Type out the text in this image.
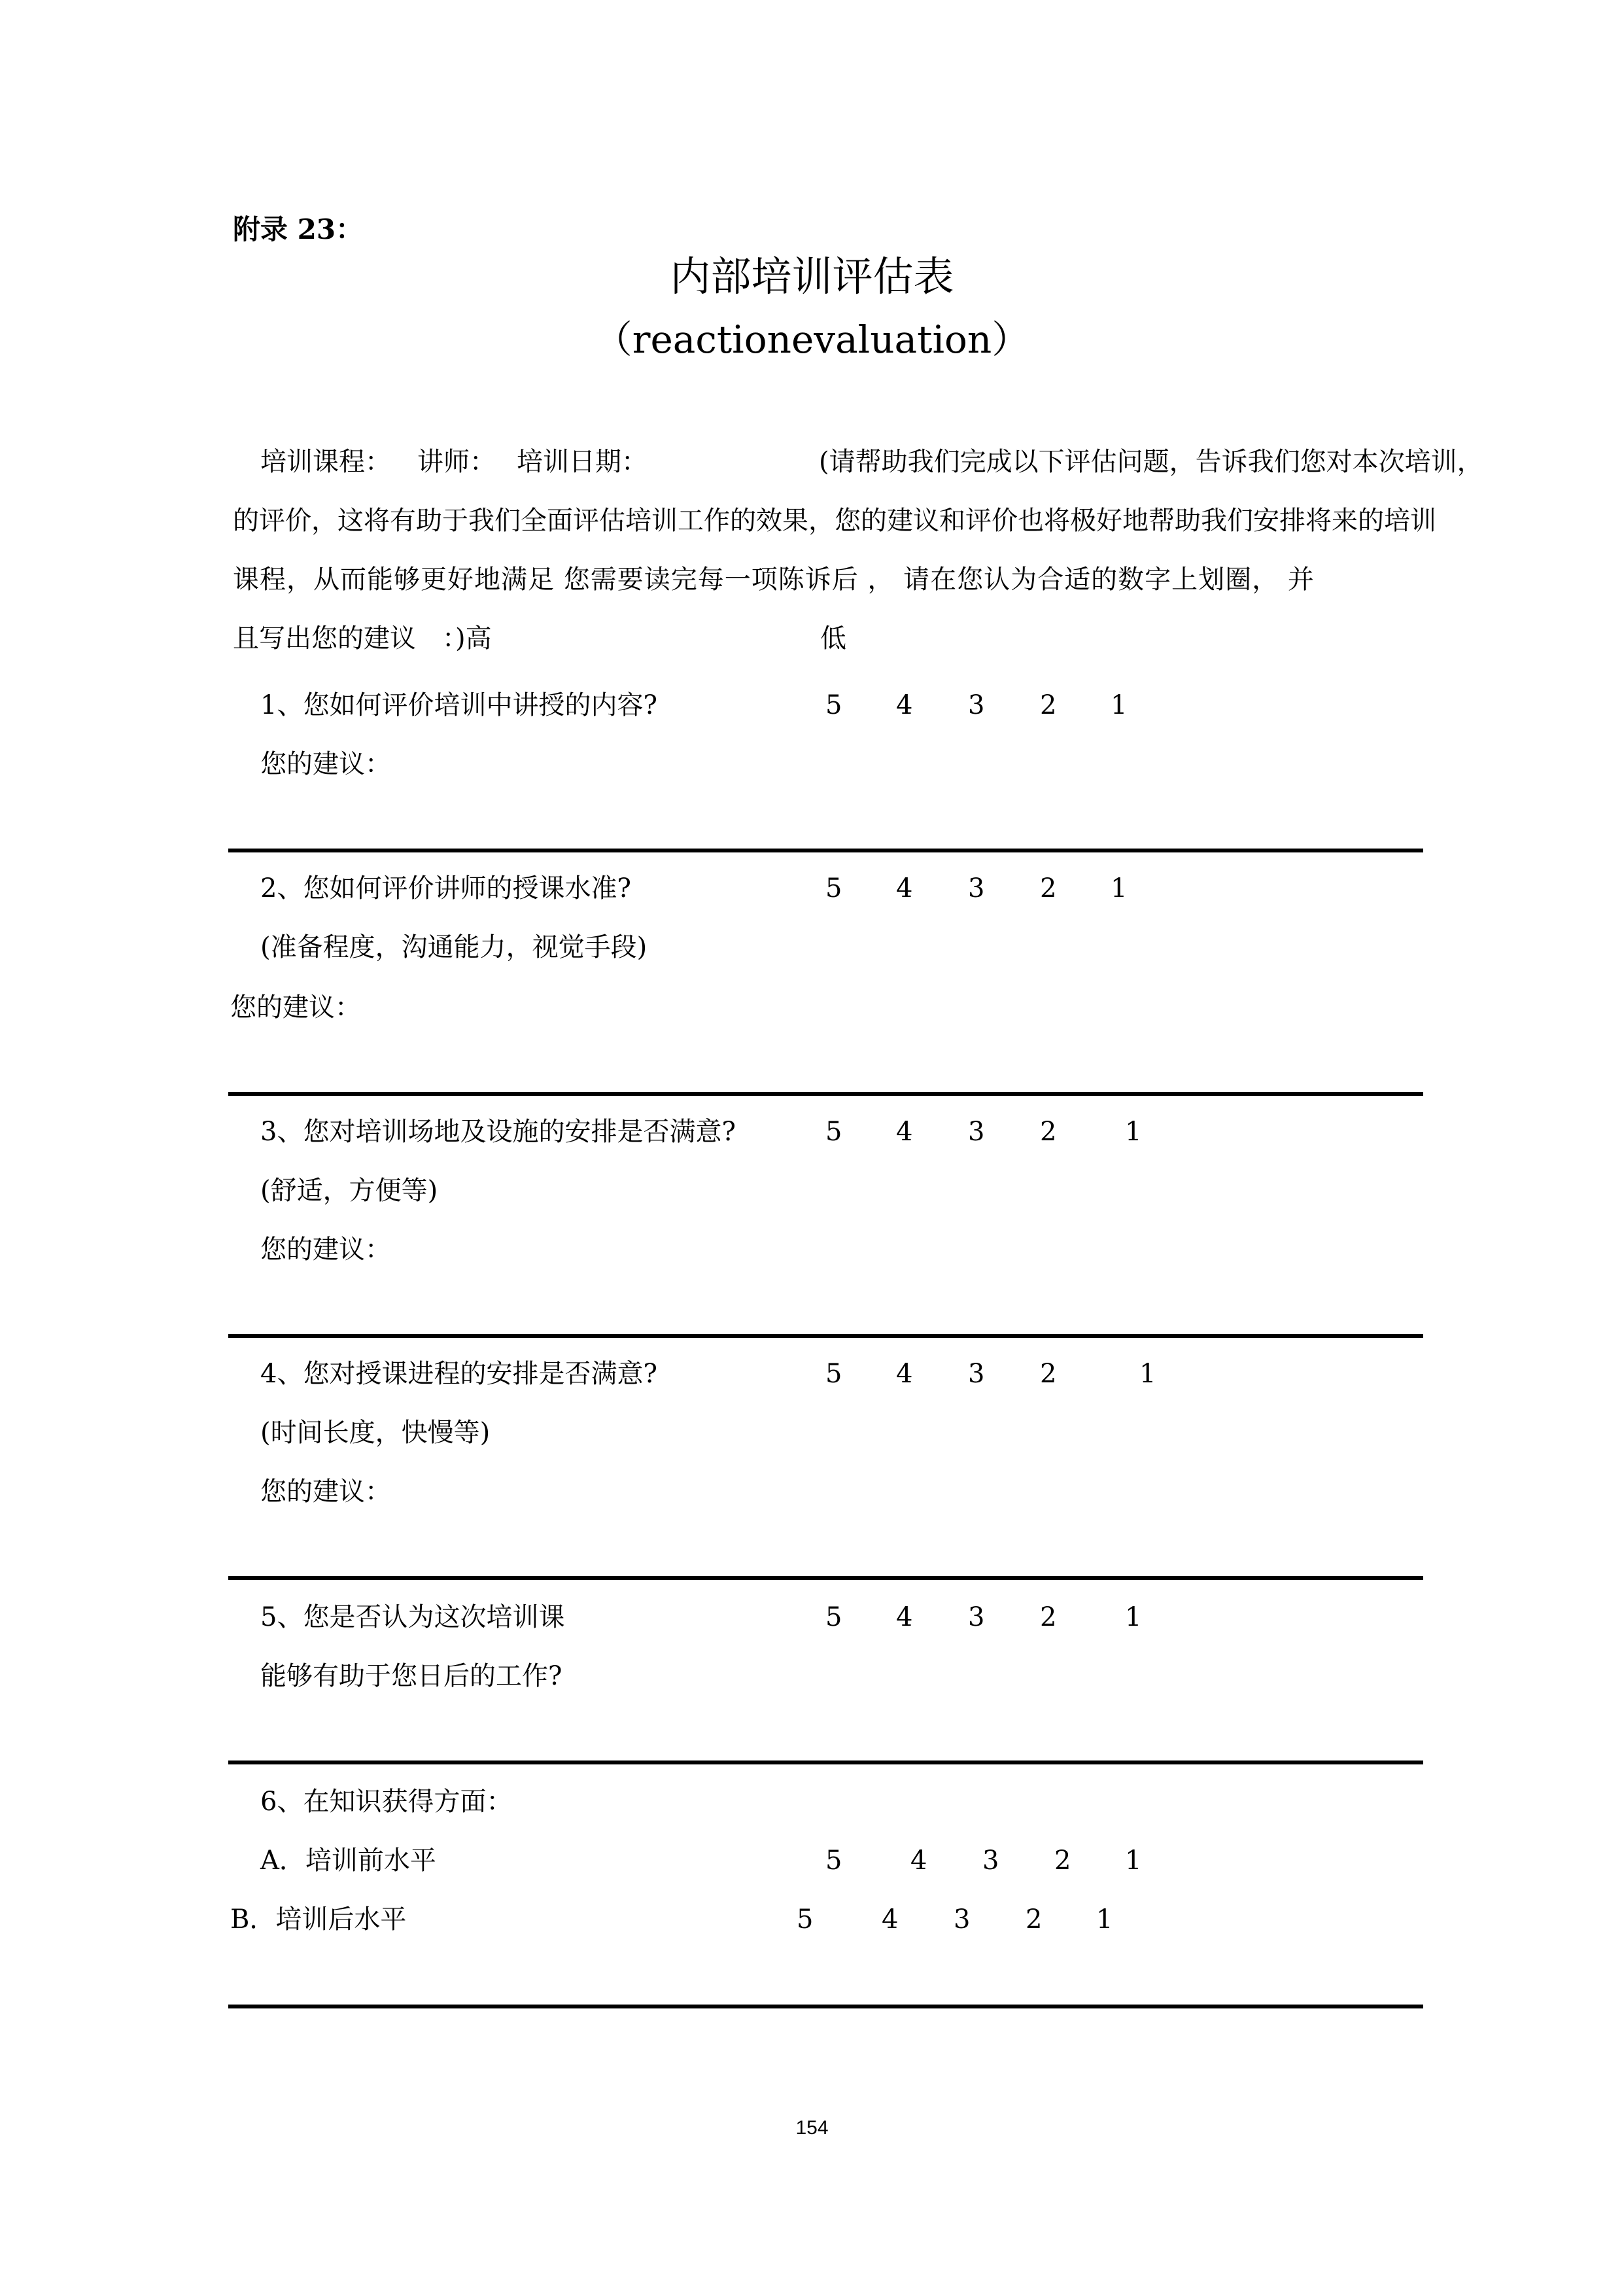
附录 23：
内部培训评估表
（reactionevaluation）
培训课程： 讲师： 培训日期：	(请帮助我们完成以下评估问题，告诉我们您对本次培训，
的评价，这将有助于我们全面评估培训工作的效果，您的建议和评价也将极好地帮助我们安排将来的培训
课程，从而能够更好地满足 您需要读完每一项陈诉后 ， 请在您认为合适的数字上划圈， 并
且写出您的建议　：)高	低
1、您如何评价培训中讲授的内容?	5 4 3 2 1
您的建议：
2、您如何评价讲师的授课水准?	5 4 3 2 1
(准备程度，沟通能力，视觉手段)
您的建议：
3、您对培训场地及设施的安排是否满意?	5 4 3 2	1
(舒适，方便等)
您的建议：
4、您对授课进程的安排是否满意?	5 4 3 2	1
(时间长度，快慢等)
您的建议：
5、您是否认为这次培训课	5 4 3 2	1
能够有助于您日后的工作?
6、在知识获得方面：
A．培训前水平	5	4 3 2 1
B．培训后水平	5	4 3 2 1
154
